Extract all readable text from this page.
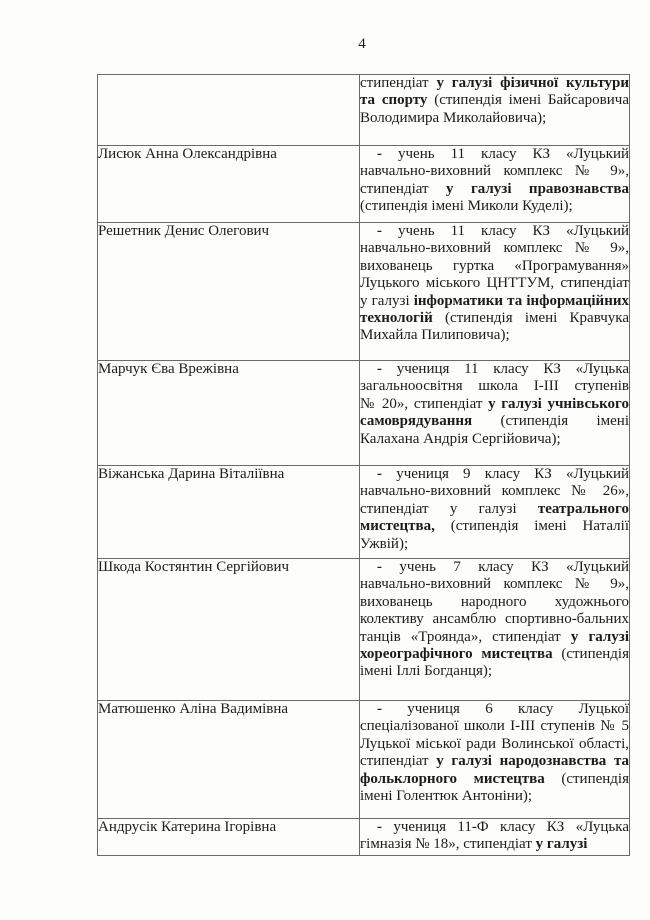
4

	стипендіат у галузі фізичної культури та спорту (стипендія імені Байсаровича Володимира Миколайовича);

Лисюк Анна Олександрівна	- учень 11 класу КЗ «Луцький навчально-виховний комплекс № 9», стипендіат у галузі правознавства (стипендія імені Миколи Куделі);

Решетник Денис Олегович	- учень 11 класу КЗ «Луцький навчально-виховний комплекс № 9», вихованець гуртка «Програмування» Луцького міського ЦНТТУМ, стипендіат у галузі інформатики та інформаційних технологій (стипендія імені Кравчука Михайла Пилиповича);

Марчук Єва Врежівна	- учениця 11 класу КЗ «Луцька загальноосвітня школа І-ІІІ ступенів № 20», стипендіат у галузі учнівського самоврядування (стипендія імені Калахана Андрія Сергійовича);

Віжанська Дарина Віталіївна	- учениця 9 класу КЗ «Луцький навчально-виховний комплекс № 26», стипендіат у галузі театрального мистецтва, (стипендія імені Наталії Ужвій);

Шкода Костянтин Сергійович	- учень 7 класу КЗ «Луцький навчально-виховний комплекс № 9», вихованець народного художнього колективу ансамблю спортивно-бальних танців «Троянда», стипендіат у галузі хореографічного мистецтва (стипендія імені Іллі Богданця);

Матюшенко Аліна Вадимівна	- учениця 6 класу Луцької спеціалізованої школи І-ІІІ ступенів № 5 Луцької міської ради Волинської області, стипендіат у галузі народознавства та фольклорного мистецтва (стипендія імені Голентюк Антоніни);

Андрусік Катерина Ігорівна	- учениця 11-Ф класу КЗ «Луцька гімназія № 18», стипендіат у галузі
